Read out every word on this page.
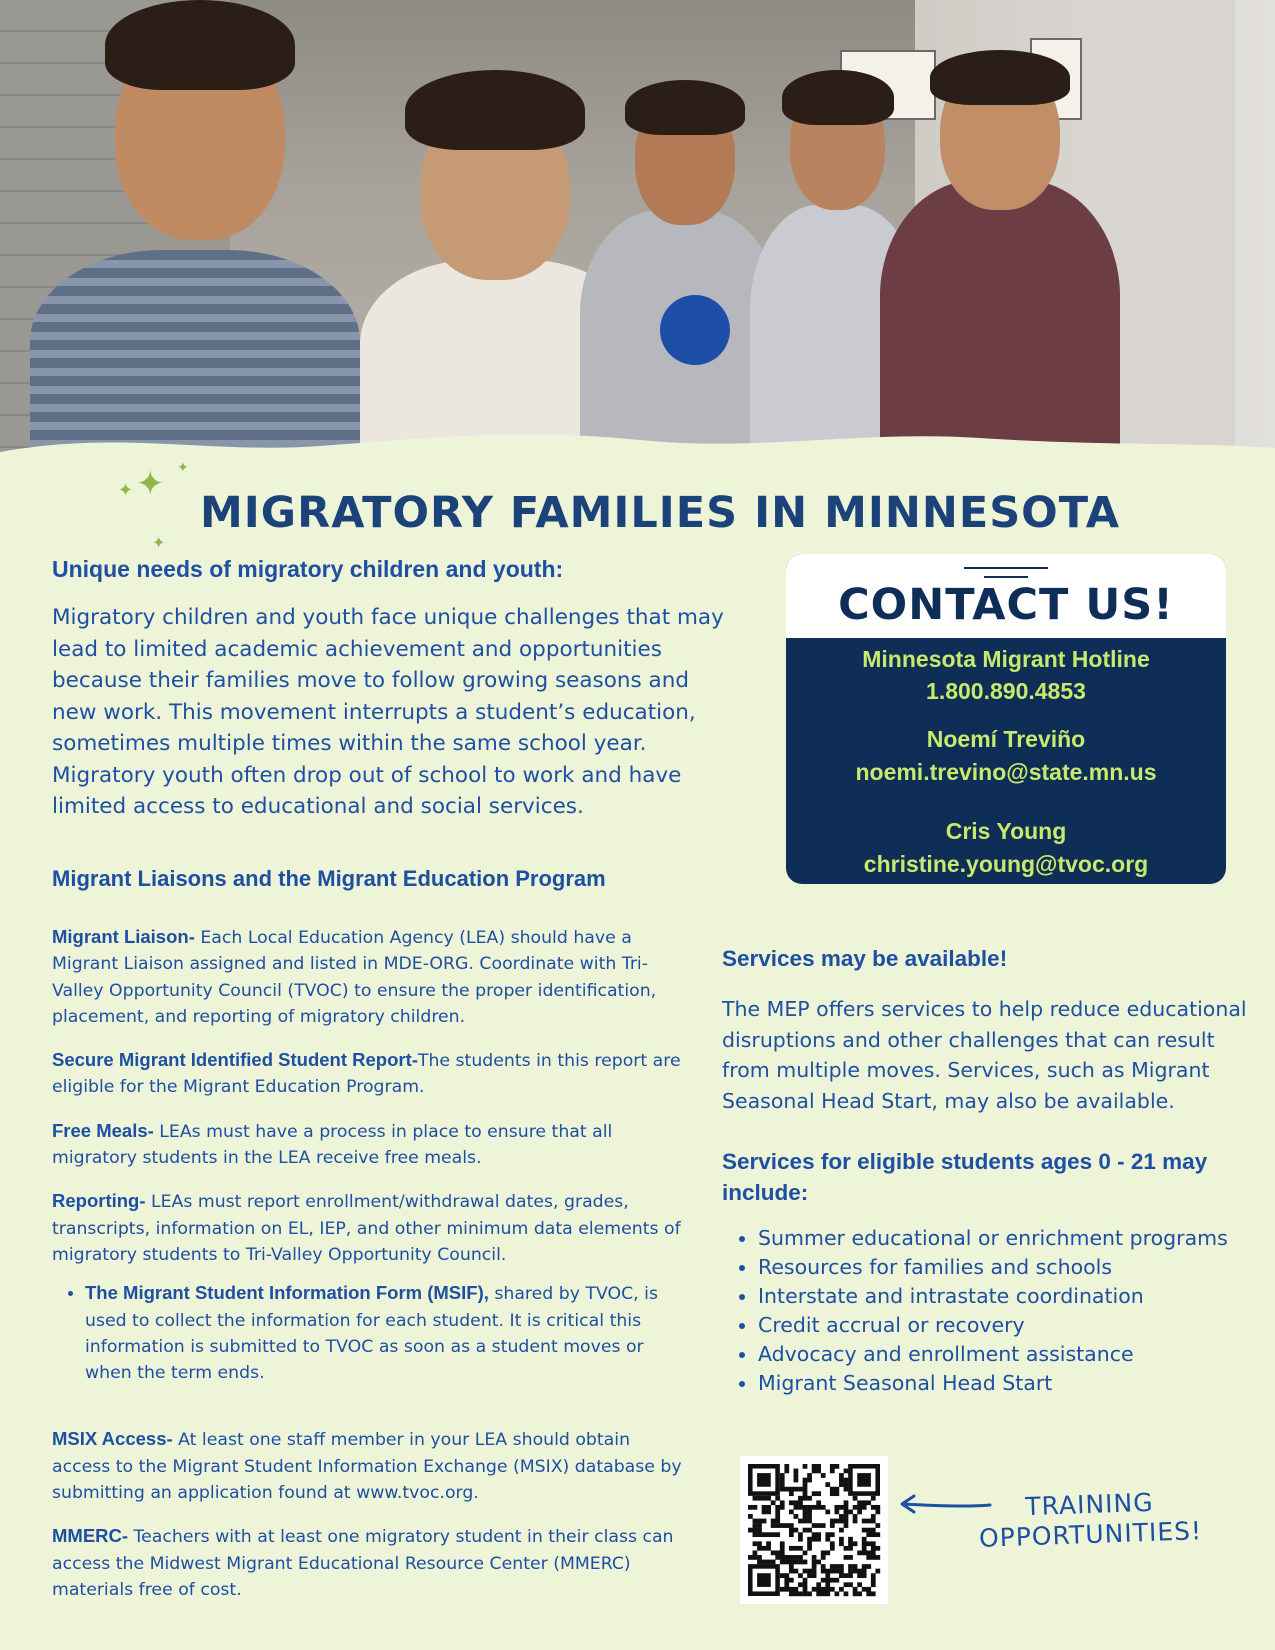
✦
✦
✦
✦
MIGRATORY FAMILIES IN MINNESOTA

Unique needs of migratory children and youth:

Migratory children and youth face unique challenges that may lead to limited academic achievement and opportunities because their families move to follow growing seasons and new work. This movement interrupts a student’s education, sometimes multiple times within the same school year. Migratory youth often drop out of school to work and have limited access to educational and social services.

Migrant Liaisons and the Migrant Education Program

Migrant Liaison- Each Local Education Agency (LEA) should have a Migrant Liaison assigned and listed in MDE-ORG. Coordinate with Tri-Valley Opportunity Council (TVOC) to ensure the proper identification, placement, and reporting of migratory children.

Secure Migrant Identified Student Report-The students in this report are eligible for the Migrant Education Program.

Free Meals- LEAs must have a process in place to ensure that all migratory students in the LEA receive free meals.

Reporting- LEAs must report enrollment/withdrawal dates, grades, transcripts, information on EL, IEP, and other minimum data elements of migratory students to Tri-Valley Opportunity Council.

• The Migrant Student Information Form (MSIF), shared by TVOC, is used to collect the information for each student. It is critical this information is submitted to TVOC as soon as a student moves or when the term ends.

MSIX Access- At least one staff member in your LEA should obtain access to the Migrant Student Information Exchange (MSIX) database by submitting an application found at www.tvoc.org.

MMERC- Teachers with at least one migratory student in their class can access the Midwest Migrant Educational Resource Center (MMERC) materials free of cost.

CONTACT US!
Minnesota Migrant Hotline
1.800.890.4853
Noemí Treviño
noemi.trevino@state.mn.us
Cris Young
christine.young@tvoc.org

Services may be available!

The MEP offers services to help reduce educational disruptions and other challenges that can result from multiple moves. Services, such as Migrant Seasonal Head Start, may also be available.

Services for eligible students ages 0 - 21 may include:

• Summer educational or enrichment programs
• Resources for families and schools
• Interstate and intrastate coordination
• Credit accrual or recovery
• Advocacy and enrollment assistance
• Migrant Seasonal Head Start
TRAINING
OPPORTUNITIES!
